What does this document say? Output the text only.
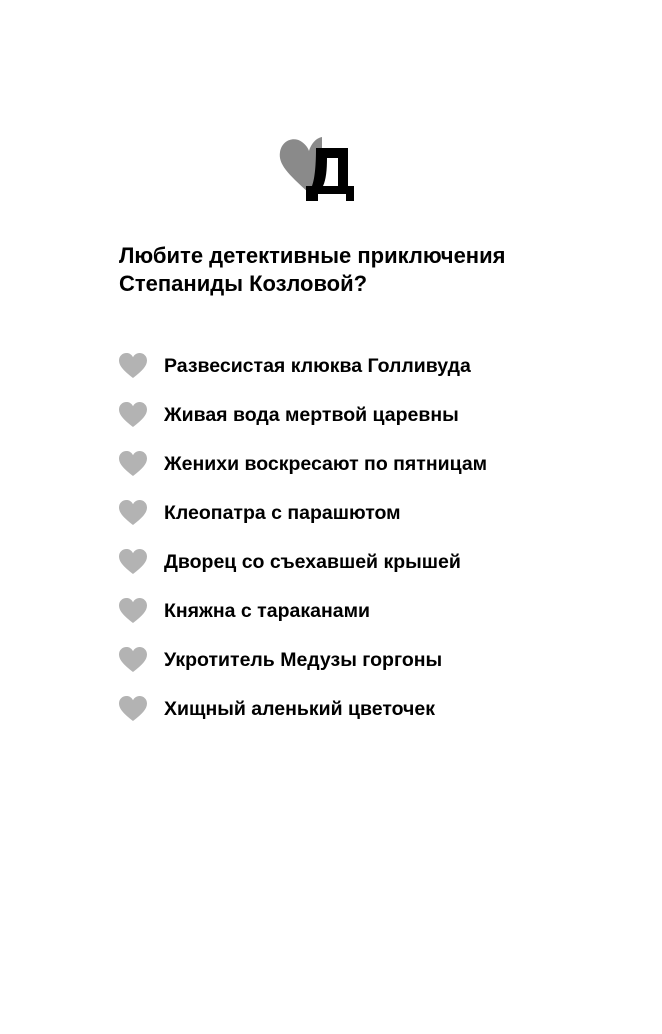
Любите детективные приключения
Степаниды Козловой?
Развесистая клюква Голливуда
Живая вода мертвой царевны
Женихи воскресают по пятницам
Клеопатра с парашютом
Дворец со съехавшей крышей
Княжна с тараканами
Укротитель Медузы горгоны
Хищный аленький цветочек
